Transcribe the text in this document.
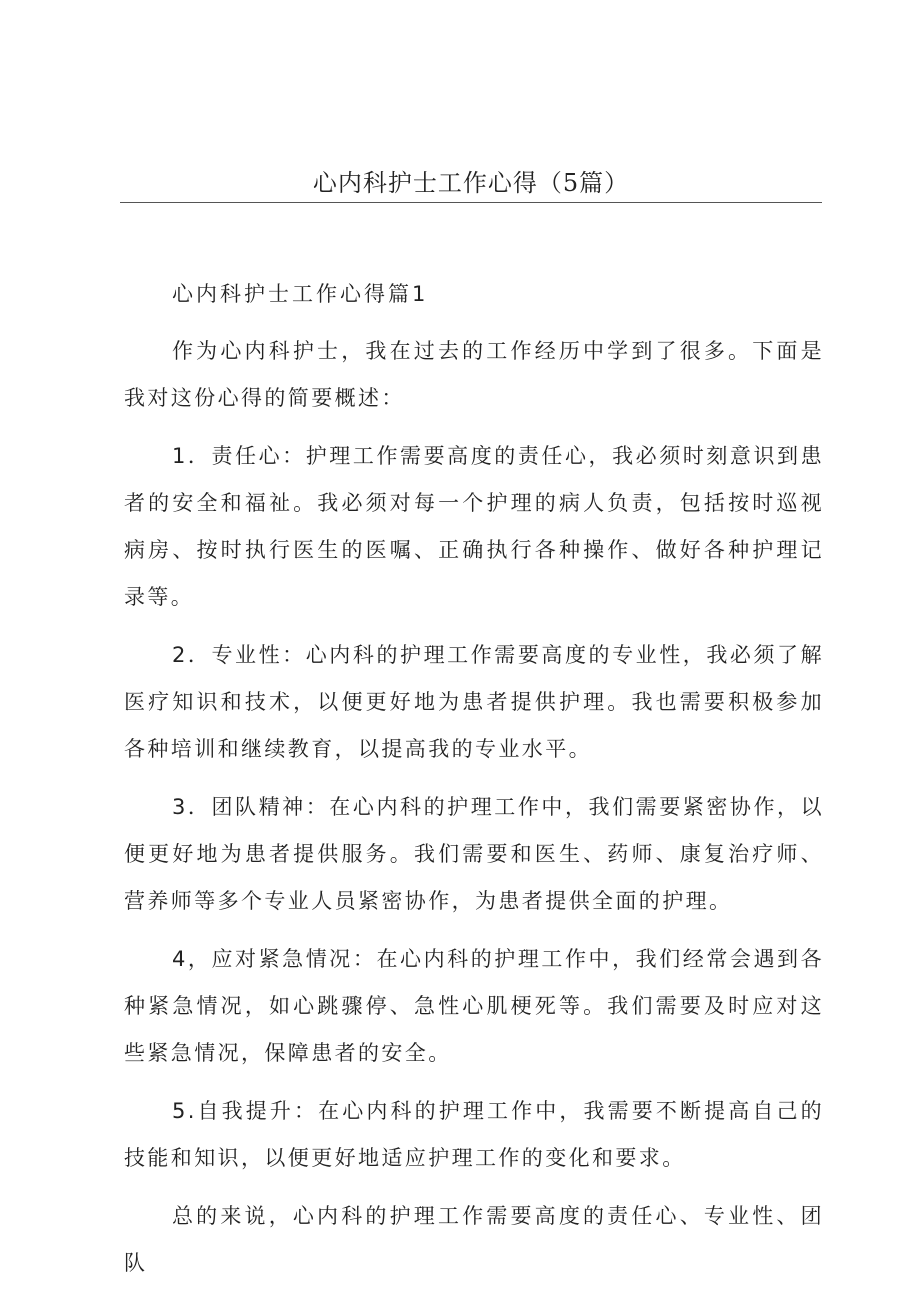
心内科护士工作心得（5篇）

心内科护士工作心得篇1

作为心内科护士，我在过去的工作经历中学到了很多。下面是我对这份心得的简要概述：

1．责任心：护理工作需要高度的责任心，我必须时刻意识到患者的安全和福祉。我必须对每一个护理的病人负责，包括按时巡视病房、按时执行医生的医嘱、正确执行各种操作、做好各种护理记录等。

2．专业性：心内科的护理工作需要高度的专业性，我必须了解医疗知识和技术，以便更好地为患者提供护理。我也需要积极参加各种培训和继续教育，以提高我的专业水平。

3．团队精神：在心内科的护理工作中，我们需要紧密协作，以便更好地为患者提供服务。我们需要和医生、药师、康复治疗师、营养师等多个专业人员紧密协作，为患者提供全面的护理。

4，应对紧急情况：在心内科的护理工作中，我们经常会遇到各种紧急情况，如心跳骤停、急性心肌梗死等。我们需要及时应对这些紧急情况，保障患者的安全。

5.自我提升：在心内科的护理工作中，我需要不断提高自己的技能和知识，以便更好地适应护理工作的变化和要求。

总的来说，心内科的护理工作需要高度的责任心、专业性、团队
